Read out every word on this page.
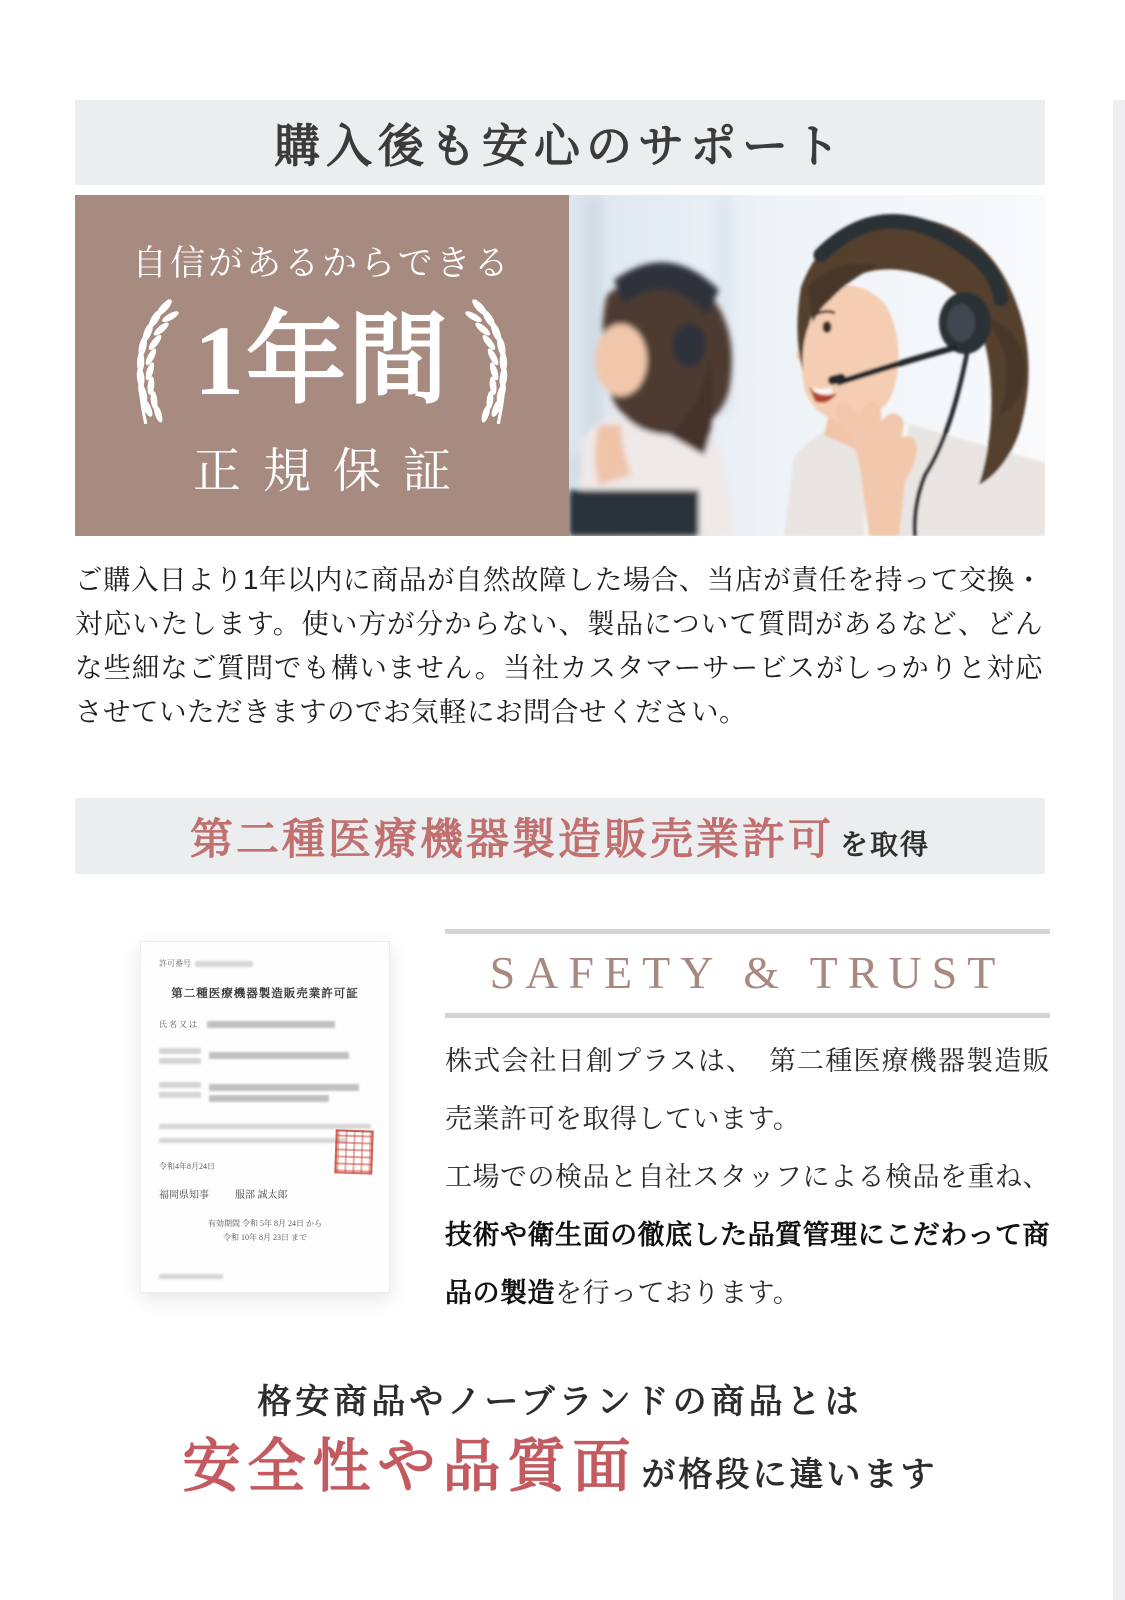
購入後も安心のサポート
自信があるからできる
1年間
正規保証

ご購入日より1年以内に商品が自然故障した場合、当店が責任を持って交換・対応いたします。使い方が分からない、製品について質問があるなど、どんな些細なご質問でも構いません。当社カスタマーサービスがしっかりと対応させていただきますのでお気軽にお問合せください。

第二種医療機器製造販売業許可 を取得
許可番号
第二種医療機器製造販売業許可証
氏名又は
令和4年8月24日
福岡県知事	服部 誠太郎
有効期間 令和 5年 8月 24日 から
令和 10年 8月 23日 まで
SAFETY & TRUST

株式会社日創プラスは、　第二種医療機器製造販売業許可を取得しています。

工場での検品と自社スタッフによる検品を重ね、技術や衛生面の徹底した品質管理にこだわって商品の製造を行っております。

格安商品やノーブランドの商品とは
安全性や品質面 が格段に違います
